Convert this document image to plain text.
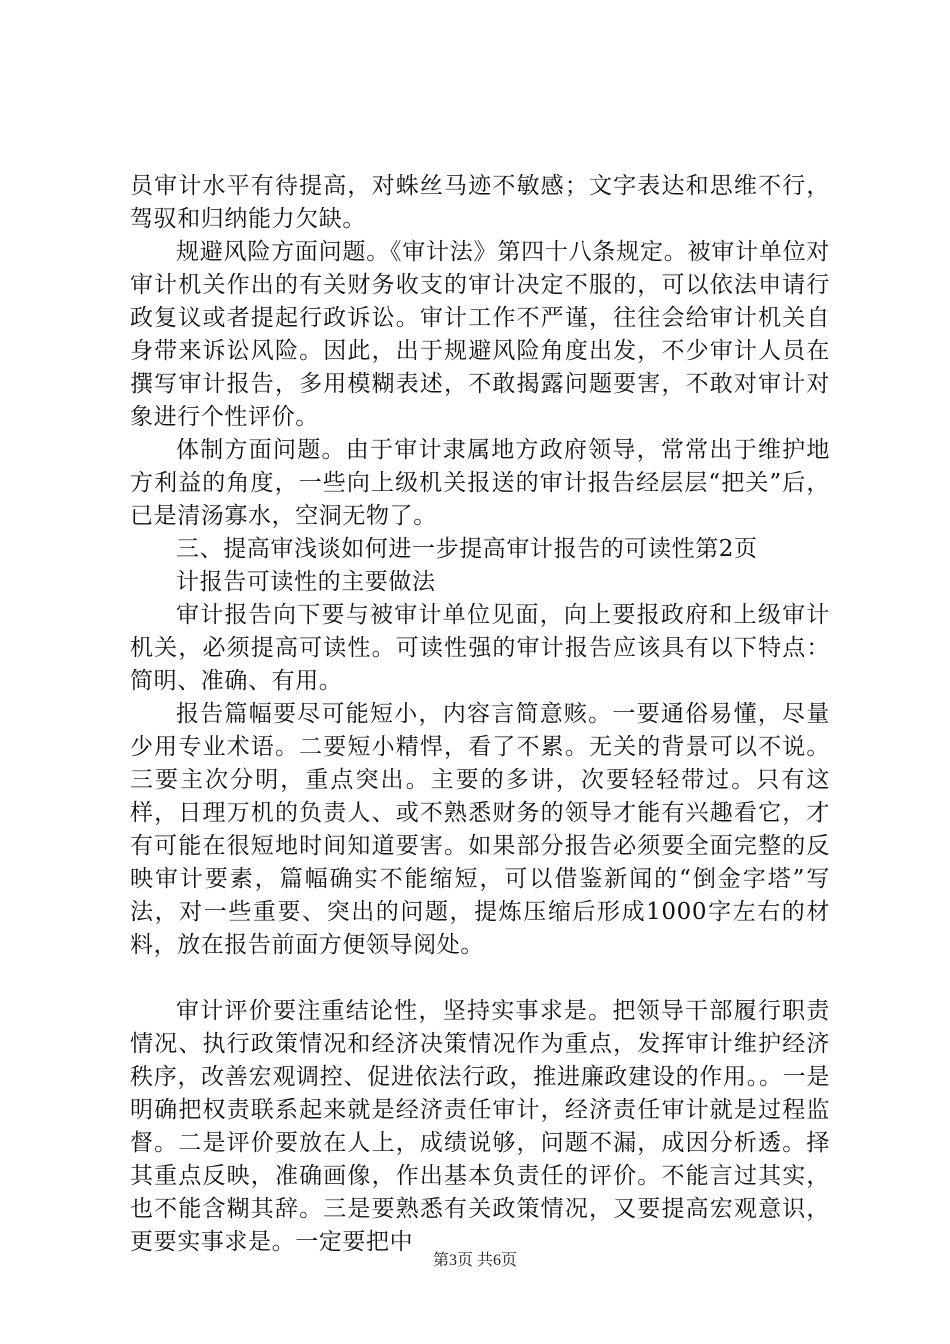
员审计水平有待提高，对蛛丝马迹不敏感；文字表达和思维不行，驾驭和归纳能力欠缺。

规避风险方面问题。《审计法》第四十八条规定。被审计单位对审计机关作出的有关财务收支的审计决定不服的，可以依法申请行政复议或者提起行政诉讼。审计工作不严谨，往往会给审计机关自身带来诉讼风险。因此，出于规避风险角度出发，不少审计人员在撰写审计报告，多用模糊表述，不敢揭露问题要害，不敢对审计对象进行个性评价。

体制方面问题。由于审计隶属地方政府领导，常常出于维护地方利益的角度，一些向上级机关报送的审计报告经层层“把关”后，已是清汤寡水，空洞无物了。

三、提高审浅谈如何进一步提高审计报告的可读性第2页

计报告可读性的主要做法

审计报告向下要与被审计单位见面，向上要报政府和上级审计机关，必须提高可读性。可读性强的审计报告应该具有以下特点：简明、准确、有用。

报告篇幅要尽可能短小，内容言简意赅。一要通俗易懂，尽量少用专业术语。二要短小精悍，看了不累。无关的背景可以不说。三要主次分明，重点突出。主要的多讲，次要轻轻带过。只有这样，日理万机的负责人、或不熟悉财务的领导才能有兴趣看它，才有可能在很短地时间知道要害。如果部分报告必须要全面完整的反映审计要素，篇幅确实不能缩短，可以借鉴新闻的“倒金字塔”写法，对一些重要、突出的问题，提炼压缩后形成1000字左右的材料，放在报告前面方便领导阅处。

审计评价要注重结论性，坚持实事求是。把领导干部履行职责情况、执行政策情况和经济决策情况作为重点，发挥审计维护经济秩序，改善宏观调控、促进依法行政，推进廉政建设的作用。。一是明确把权责联系起来就是经济责任审计，经济责任审计就是过程监督。二是评价要放在人上，成绩说够，问题不漏，成因分析透。择其重点反映，准确画像，作出基本负责任的评价。不能言过其实，也不能含糊其辞。三是要熟悉有关政策情况，又要提高宏观意识，更要实事求是。一定要把中

第3页 共6页
